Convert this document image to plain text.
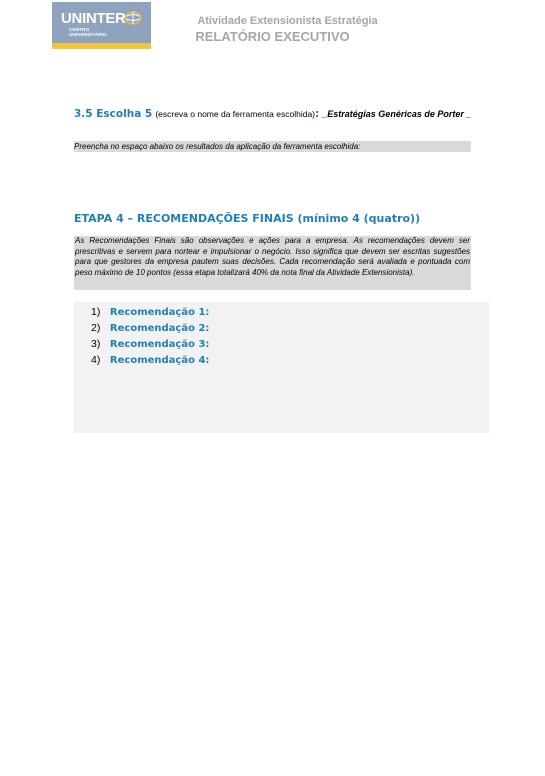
UNINTER
CENTRO
UNIVERSITÁRIO
Atividade Extensionista Estratégia
RELATÓRIO EXECUTIVO
3.5 Escolha 5 (escreva o nome da ferramenta escolhida): _Estratégias Genéricas de Porter _
Preencha no espaço abaixo os resultados da aplicação da ferramenta escolhida:
ETAPA 4 – RECOMENDAÇÕES FINAIS (mínimo 4 (quatro))
As Recomendações Finais são observações e ações para a empresa. As recomendações devem ser prescritivas e servem para nortear e impulsionar o negócio. Isso significa que devem ser escritas sugestões para que gestores da empresa pautem suas decisões. Cada recomendação será avaliada e pontuada com peso máximo de 10 pontos (essa etapa totalizará 40% da nota final da Atividade Extensionista).
1) Recomendação 1:
2) Recomendação 2:
3) Recomendação 3:
4) Recomendação 4:
